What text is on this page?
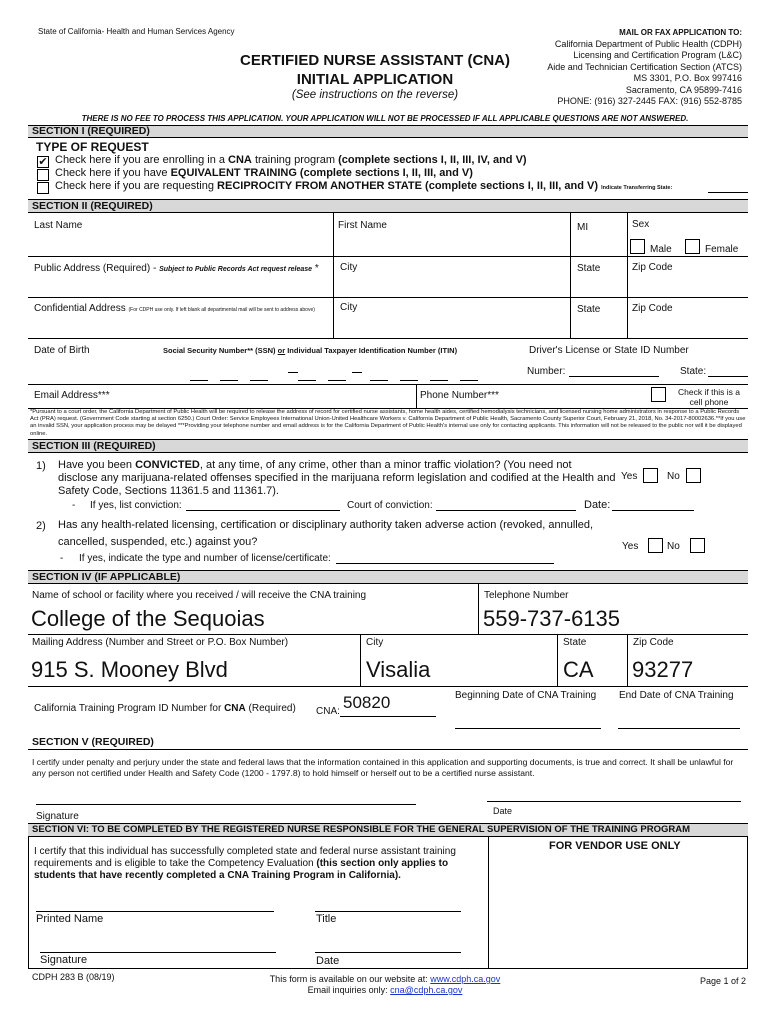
State of California- Health and Human Services Agency
CERTIFIED NURSE ASSISTANT (CNA)
INITIAL APPLICATION
(See instructions on the reverse)
MAIL OR FAX APPLICATION TO:
California Department of Public Health (CDPH)
Licensing and Certification Program (L&C)
Aide and Technician Certification Section (ATCS)
MS 3301, P.O. Box 997416
Sacramento, CA 95899-7416
PHONE: (916) 327-2445 FAX: (916) 552-8785
THERE IS NO FEE TO PROCESS THIS APPLICATION. YOUR APPLICATION WILL NOT BE PROCESSED IF ALL APPLICABLE QUESTIONS ARE NOT ANSWERED.
SECTION I (REQUIRED)
TYPE OF REQUEST
✔ Check here if you are enrolling in a CNA training program (complete sections I, II, III, IV, and V)
Check here if you have EQUIVALENT TRAINING (complete sections I, II, III, and V)
Check here if you are requesting RECIPROCITY FROM ANOTHER STATE (complete sections I, II, III, and V) Indicate Transferring State:
SECTION II (REQUIRED)
Last Name	First Name	MI	Sex
Male	Female
Public Address (Required) - Subject to Public Records Act request release * City	State	Zip Code
Confidential Address (For CDPH use only. If left blank all departmental mail will be sent to address above)	City	State	Zip Code
Date of Birth	Social Security Number** (SSN) or Individual Taxpayer Identification Number (ITIN)	Driver's License or State ID Number
Number:	State:
Email Address***	Phone Number***	Check if this is a cell phone
*Pursuant to a court order, the California Department of Public Health will be required to release the address of record for certified nurse assistants, home health aides, certified hemodialysis technicians, and licensed nursing home administrators in response to a Public Records Act (PRA) request. (Government Code starting at section 6250.) Court Order: Service Employees International Union-United Healthcare Workers v. California Department of Public Health, Sacramento County Superior Court, February 21, 2018, No. 34-2017-80002636.**If you use an invalid SSN, your application process may be delayed ***Providing your telephone number and email address is for the California Department of Public Health's internal use only for contacting applicants. This information will not be released to the public nor will it be displayed online.
SECTION III (REQUIRED)
1) Have you been CONVICTED, at any time, of any crime, other than a minor traffic violation? (You need not
disclose any marijuana-related offenses specified in the marijuana reform legislation and codified at the Health and
Safety Code, Sections 11361.5 and 11361.7).
Yes	No
- If yes, list conviction:	Court of conviction:	Date:
2) Has any health-related licensing, certification or disciplinary authority taken adverse action (revoked, annulled,
cancelled, suspended, etc.) against you?	Yes	No
- If yes, indicate the type and number of license/certificate:
SECTION IV (IF APPLICABLE)
Name of school or facility where you received / will receive the CNA training
College of the Sequoias
Telephone Number
559-737-6135
Mailing Address (Number and Street or P.O. Box Number)
915 S. Mooney Blvd
City
Visalia
State
CA
Zip Code
93277
California Training Program ID Number for CNA (Required) CNA: 50820	Beginning Date of CNA Training End Date of CNA Training
SECTION V (REQUIRED)
I certify under penalty and perjury under the state and federal laws that the information contained in this application and supporting documents, is true and correct. It shall be unlawful for any person not certified under Health and Safety Code (1200 - 1797.8) to hold himself or herself out to be a certified nurse assistant.
Signature	Date
SECTION VI: TO BE COMPLETED BY THE REGISTERED NURSE RESPONSIBLE FOR THE GENERAL SUPERVISION OF THE TRAINING PROGRAM
I certify that this individual has successfully completed state and federal nurse assistant training
requirements and is eligible to take the Competency Evaluation (this section only applies to
students that have recently completed a CNA Training Program in California).
FOR VENDOR USE ONLY
Printed Name	Title
Signature	Date
CDPH 283 B (08/19)	This form is available on our website at: www.cdph.ca.gov
Email inquiries only: cna@cdph.ca.gov
Page 1 of 2
